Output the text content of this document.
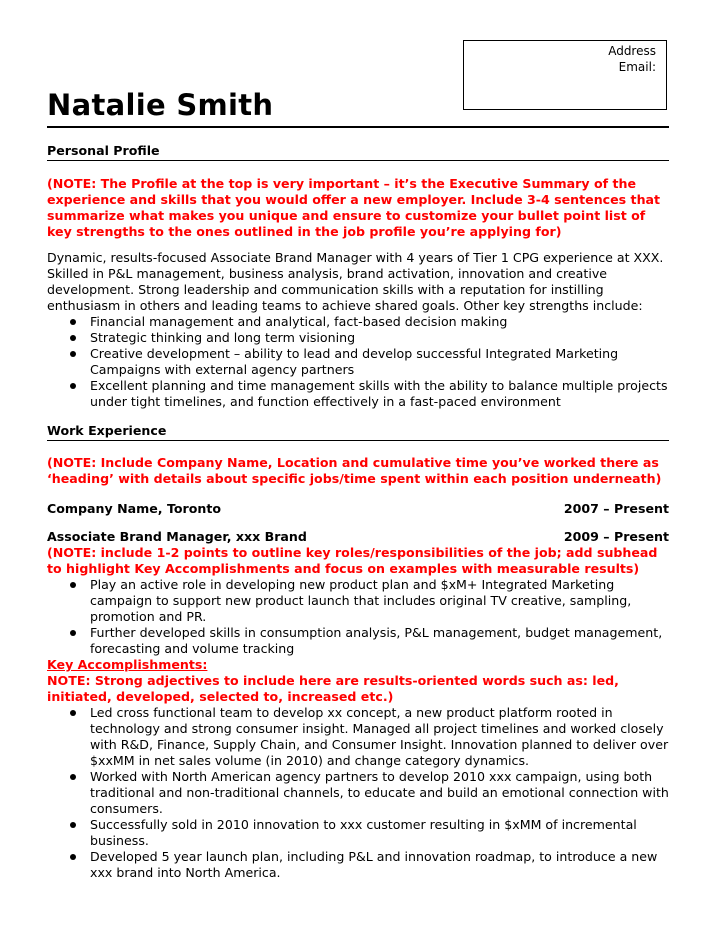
Address
Email:
Natalie Smith
Personal Profile

(NOTE: The Profile at the top is very important – it’s the Executive Summary of the experience and skills that you would offer a new employer. Include 3-4 sentences that summarize what makes you unique and ensure to customize your bullet point list of key strengths to the ones outlined in the job profile you’re applying for)

Dynamic, results-focused Associate Brand Manager with 4 years of Tier 1 CPG experience at XXX. Skilled in P&L management, business analysis, brand activation, innovation and creative development. Strong leadership and communication skills with a reputation for instilling enthusiasm in others and leading teams to achieve shared goals. Other key strengths include:

Financial management and analytical, fact-based decision making
Strategic thinking and long term visioning
Creative development – ability to lead and develop successful Integrated Marketing Campaigns with external agency partners
Excellent planning and time management skills with the ability to balance multiple projects under tight timelines, and function effectively in a fast-paced environment
Work Experience

(NOTE: Include Company Name, Location and cumulative time you’ve worked there as ‘heading’ with details about specific jobs/time spent within each position underneath)

Company Name, Toronto	2007 – Present
Associate Brand Manager, xxx Brand	2009 – Present

(NOTE: include 1-2 points to outline key roles/responsibilities of the job; add subhead to highlight Key Accomplishments and focus on examples with measurable results)

Play an active role in developing new product plan and $xM+ Integrated Marketing campaign to support new product launch that includes original TV creative, sampling, promotion and PR.
Further developed skills in consumption analysis, P&L management, budget management, forecasting and volume tracking

Key Accomplishments:

NOTE: Strong adjectives to include here are results-oriented words such as: led, initiated, developed, selected to, increased etc.)

Led cross functional team to develop xx concept, a new product platform rooted in technology and strong consumer insight. Managed all project timelines and worked closely with R&D, Finance, Supply Chain, and Consumer Insight. Innovation planned to deliver over $xxMM in net sales volume (in 2010) and change category dynamics.
Worked with North American agency partners to develop 2010 xxx campaign, using both traditional and non-traditional channels, to educate and build an emotional connection with consumers.
Successfully sold in 2010 innovation to xxx customer resulting in $xMM of incremental business.
Developed 5 year launch plan, including P&L and innovation roadmap, to introduce a new xxx brand into North America.
